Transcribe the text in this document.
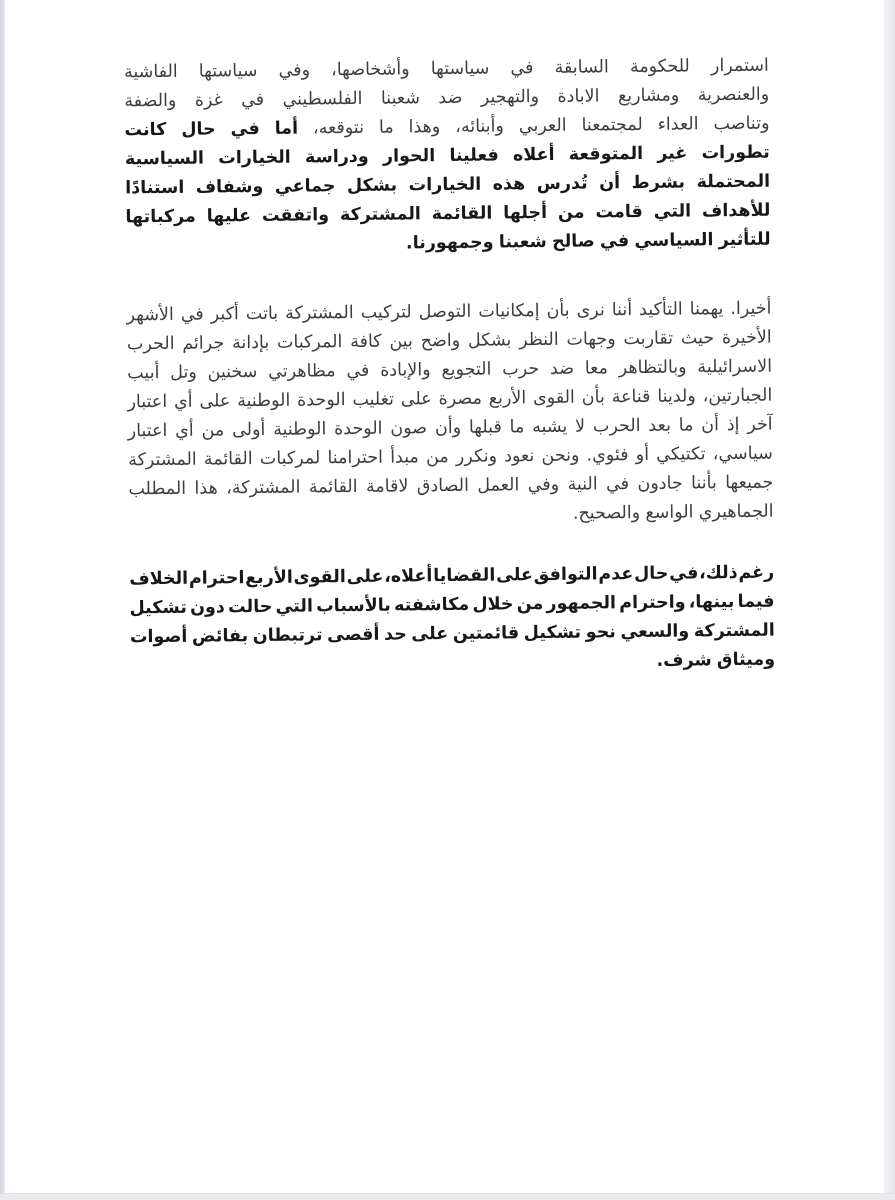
استمرار
للحكومة
السابقة
في
سياستها
وأشخاصها،
وفي
سياستها
الفاشية
والعنصرية
ومشاريع
الابادة
والتهجير
ضد
شعبنا
الفلسطيني
في
غزة
والضفة
وتناصب
العداء
لمجتمعنا
العربي
وأبنائه،
وهذا
ما
نتوقعه،
أما
في
حال
كانت
تطورات
غير
المتوقعة
أعلاه
فعلينا
الحوار
ودراسة
الخيارات
السياسية
المحتملة
بشرط
أن
تُدرس
هذه
الخيارات
بشكل
جماعي
وشفاف
استنادًا
للأهداف
التي
قامت
من
أجلها
القائمة
المشتركة
واتفقت
عليها
مركباتها
للتأثير
السياسي
في
صالح
شعبنا
وجمهورنا.
أخيرا.
يهمنا
التأكيد
أننا
نرى
بأن
إمكانيات
التوصل
لتركيب
المشتركة
باتت
أكبر
في
الأشهر
الأخيرة
حيث
تقاربت
وجهات
النظر
بشكل
واضح
بين
كافة
المركبات
بإدانة
جرائم
الحرب
الاسرائيلية
وبالتظاهر
معا
ضد
حرب
التجويع
والإبادة
في
مظاهرتي
سخنين
وتل
أبيب
الجبارتين،
ولدينا
قناعة
بأن
القوى
الأربع
مصرة
على
تغليب
الوحدة
الوطنية
على
أي
اعتبار
آخر
إذ
أن
ما
بعد
الحرب
لا
يشبه
ما
قبلها
وأن
صون
الوحدة
الوطنية
أولى
من
أي
اعتبار
سياسي،
تكتيكي
أو
فئوي.
ونحن
نعود
ونكرر
من
مبدأ
احترامنا
لمركبات
القائمة
المشتركة
جميعها
بأننا
جادون
في
النية
وفي
العمل
الصادق
لاقامة
القائمة
المشتركة،
هذا
المطلب
الجماهيري
الواسع
والصحيح.
رغم
ذلك،
في
حال
عدم
التوافق
على
القضايا
أعلاه،
على
القوى
الأربع
احترام
الخلاف
فيما
بينها،
واحترام
الجمهور
من
خلال
مكاشفته
بالأسباب
التي
حالت
دون
تشكيل
المشتركة
والسعي
نحو
تشكيل
قائمتين
على
حد
أقصى
ترتبطان
بفائض
أصوات
وميثاق
شرف.
